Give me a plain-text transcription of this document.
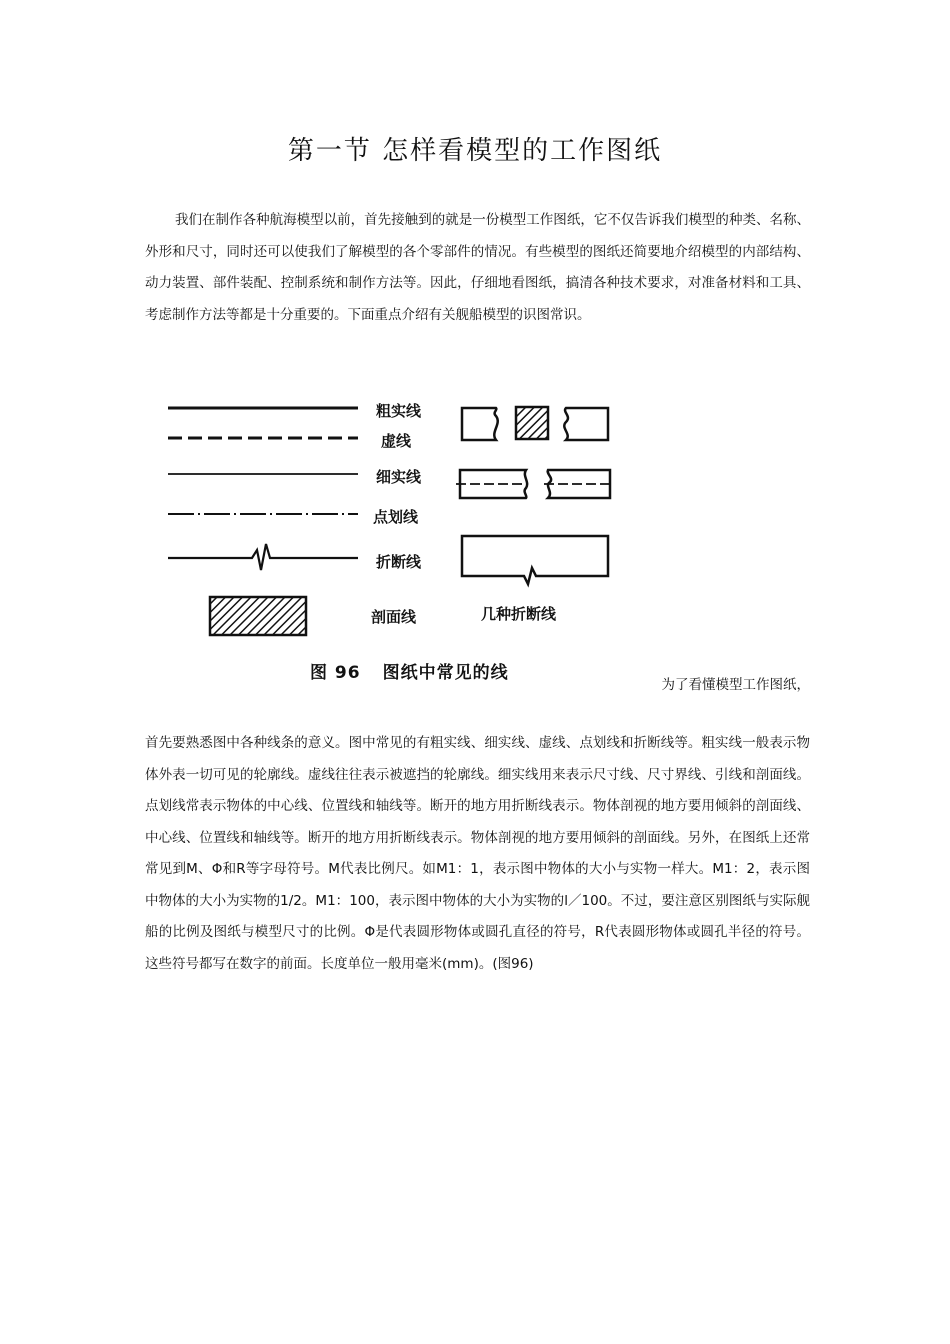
第一节 怎样看模型的工作图纸

我们在制作各种航海模型以前，首先接触到的就是一份模型工作图纸，它不仅告诉我们模型的种类、名称、外形和尺寸，同时还可以使我们了解模型的各个零部件的情况。有些模型的图纸还简要地介绍模型的内部结构、动力装置、部件装配、控制系统和制作方法等。因此，仔细地看图纸，搞清各种技术要求，对准备材料和工具、考虑制作方法等都是十分重要的。下面重点介绍有关舰船模型的识图常识。

粗实线
虚线
细实线
点划线
折断线
剖面线	几种折断线
图 96 图纸中常见的线
为了看懂模型工作图纸，

首先要熟悉图中各种线条的意义。图中常见的有粗实线、细实线、虚线、点划线和折断线等。粗实线一般表示物体外表一切可见的轮廓线。虚线往往表示被遮挡的轮廓线。细实线用来表示尺寸线、尺寸界线、引线和剖面线。点划线常表示物体的中心线、位置线和轴线等。断开的地方用折断线表示。物体剖视的地方要用倾斜的剖面线、中心线、位置线和轴线等。断开的地方用折断线表示。物体剖视的地方要用倾斜的剖面线。另外，在图纸上还常常见到M、Φ和R等字母符号。M代表比例尺。如M1：1，表示图中物体的大小与实物一样大。M1：2，表示图中物体的大小为实物的1/2。M1：100，表示图中物体的大小为实物的l／100。不过，要注意区别图纸与实际舰船的比例及图纸与模型尺寸的比例。Φ是代表圆形物体或圆孔直径的符号，R代表圆形物体或圆孔半径的符号。这些符号都写在数字的前面。长度单位一般用毫米(mm)。(图96)
